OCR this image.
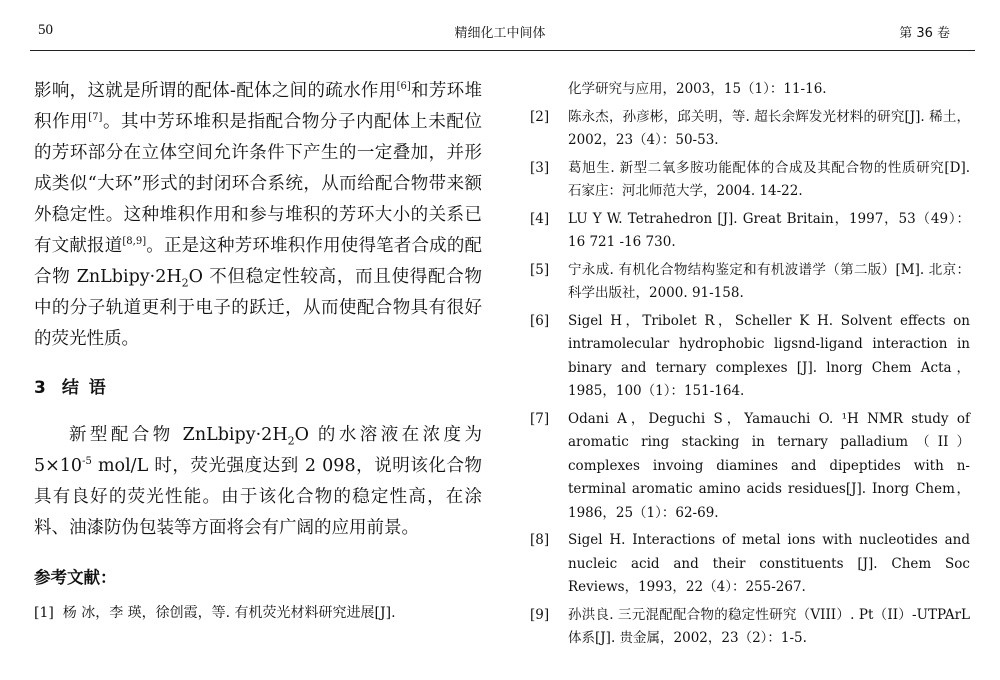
50	精细化工中间体	第 36 卷

影响，这就是所谓的配体-配体之间的疏水作用[6]和芳环堆积作用[7]。其中芳环堆积是指配合物分子内配体上未配位的芳环部分在立体空间允许条件下产生的一定叠加，并形成类似“大环”形式的封闭环合系统，从而给配合物带来额外稳定性。这种堆积作用和参与堆积的芳环大小的关系已有文献报道[8,9]。正是这种芳环堆积作用使得笔者合成的配合物 $ZnLbipy\cdot 2H_2O$ 不但稳定性较高，而且使得配合物中的分子轨道更利于电子的跃迁，从而使配合物具有很好的荧光性质。

3 结 语

新型配合物 $ZnLbipy\cdot 2H_2O$ 的水溶液在浓度为 $5\times 10^{-5}$ mol/L 时，荧光强度达到 2 098，说明该化合物具有良好的荧光性能。由于该化合物的稳定性高，在涂料、油漆防伪包装等方面将会有广阔的应用前景。

参考文献：
[1] 杨 冰，李 瑛，徐创霞，等. 有机荧光材料研究进展[J].
化学研究与应用，2003，15（1）：11-16.
[2]	陈永杰，孙彦彬，邱关明，等. 超长余辉发光材料的研究[J]. 稀土，2002，23（4）：50-53.
[3]	葛旭生. 新型二氧多胺功能配体的合成及其配合物的性质研究[D]. 石家庄：河北师范大学，2004. 14-22.
[4]	LU Y W. Tetrahedron [J]. Great Britain，1997，53（49）：16 721 -16 730.
[5]	宁永成. 有机化合物结构鉴定和有机波谱学（第二版）[M]. 北京：科学出版社，2000. 91-158.
[6]	Sigel H，Tribolet R，Scheller K H. Solvent effects on intramolecular hydrophobic ligsnd-ligand interaction in binary and ternary complexes [J]. lnorg Chem Acta，1985，100（1）：151-164.
[7]	Odani A，Deguchi S，Yamauchi O. ¹H NMR study of aromatic ring stacking in ternary palladium（II）complexes invoing diamines and dipeptides with n-terminal aromatic amino acids residues[J]. Inorg Chem，1986，25（1）：62-69.
[8]	Sigel H. Interactions of metal ions with nucleotides and nucleic acid and their constituents [J]. Chem Soc Reviews，1993，22（4）：255-267.
[9]	孙洪良. 三元混配配合物的稳定性研究（VIII）. Pt（II）-UTPArL 体系[J]. 贵金属，2002，23（2）：1-5.
